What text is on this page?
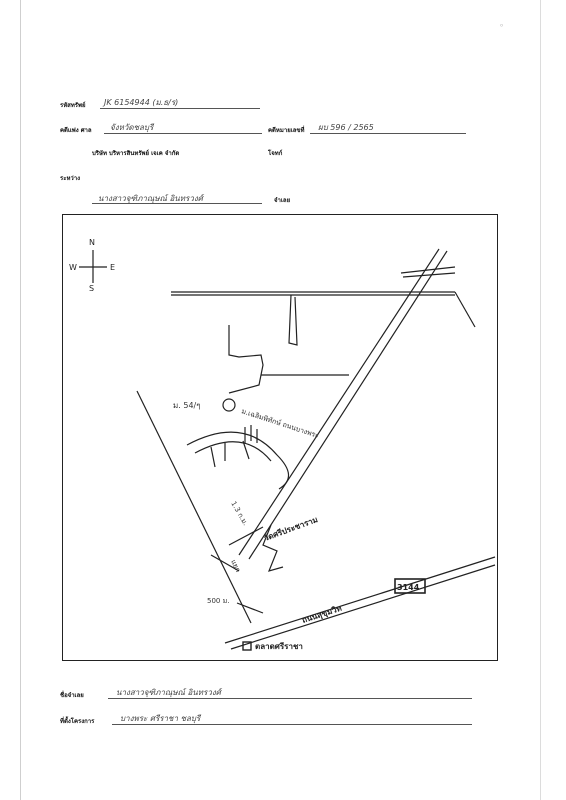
ᵒ
รหัสทรัพย์ JK 6154944 (ม.ธ/ร)
คดีแพ่ง ศาล จังหวัดชลบุรี	คดีหมายเลขที่ ผบ 596 / 2565
บริษัท บริหารสินทรัพย์ เจเค จำกัด	โจทก์
ระหว่าง
นางสาวจุฑิภาณุษณ์ อินทรวงศ์	จำเลย
N
S
E
W
ม. 54/ๆ
ม.เฉลิมพิทักษ์ ถนนบางพระ
1.3 ก.ม.
500 ม.
วัดศรีประชาราม
แยก
ถนนสุขุมวิท
3144
ตลาดศรีราชา
ชื่อจำเลย	นางสาวจุฑิภาณุษณ์ อินทรวงศ์
ที่ตั้งโครงการ	บางพระ ศรีราชา ชลบุรี
